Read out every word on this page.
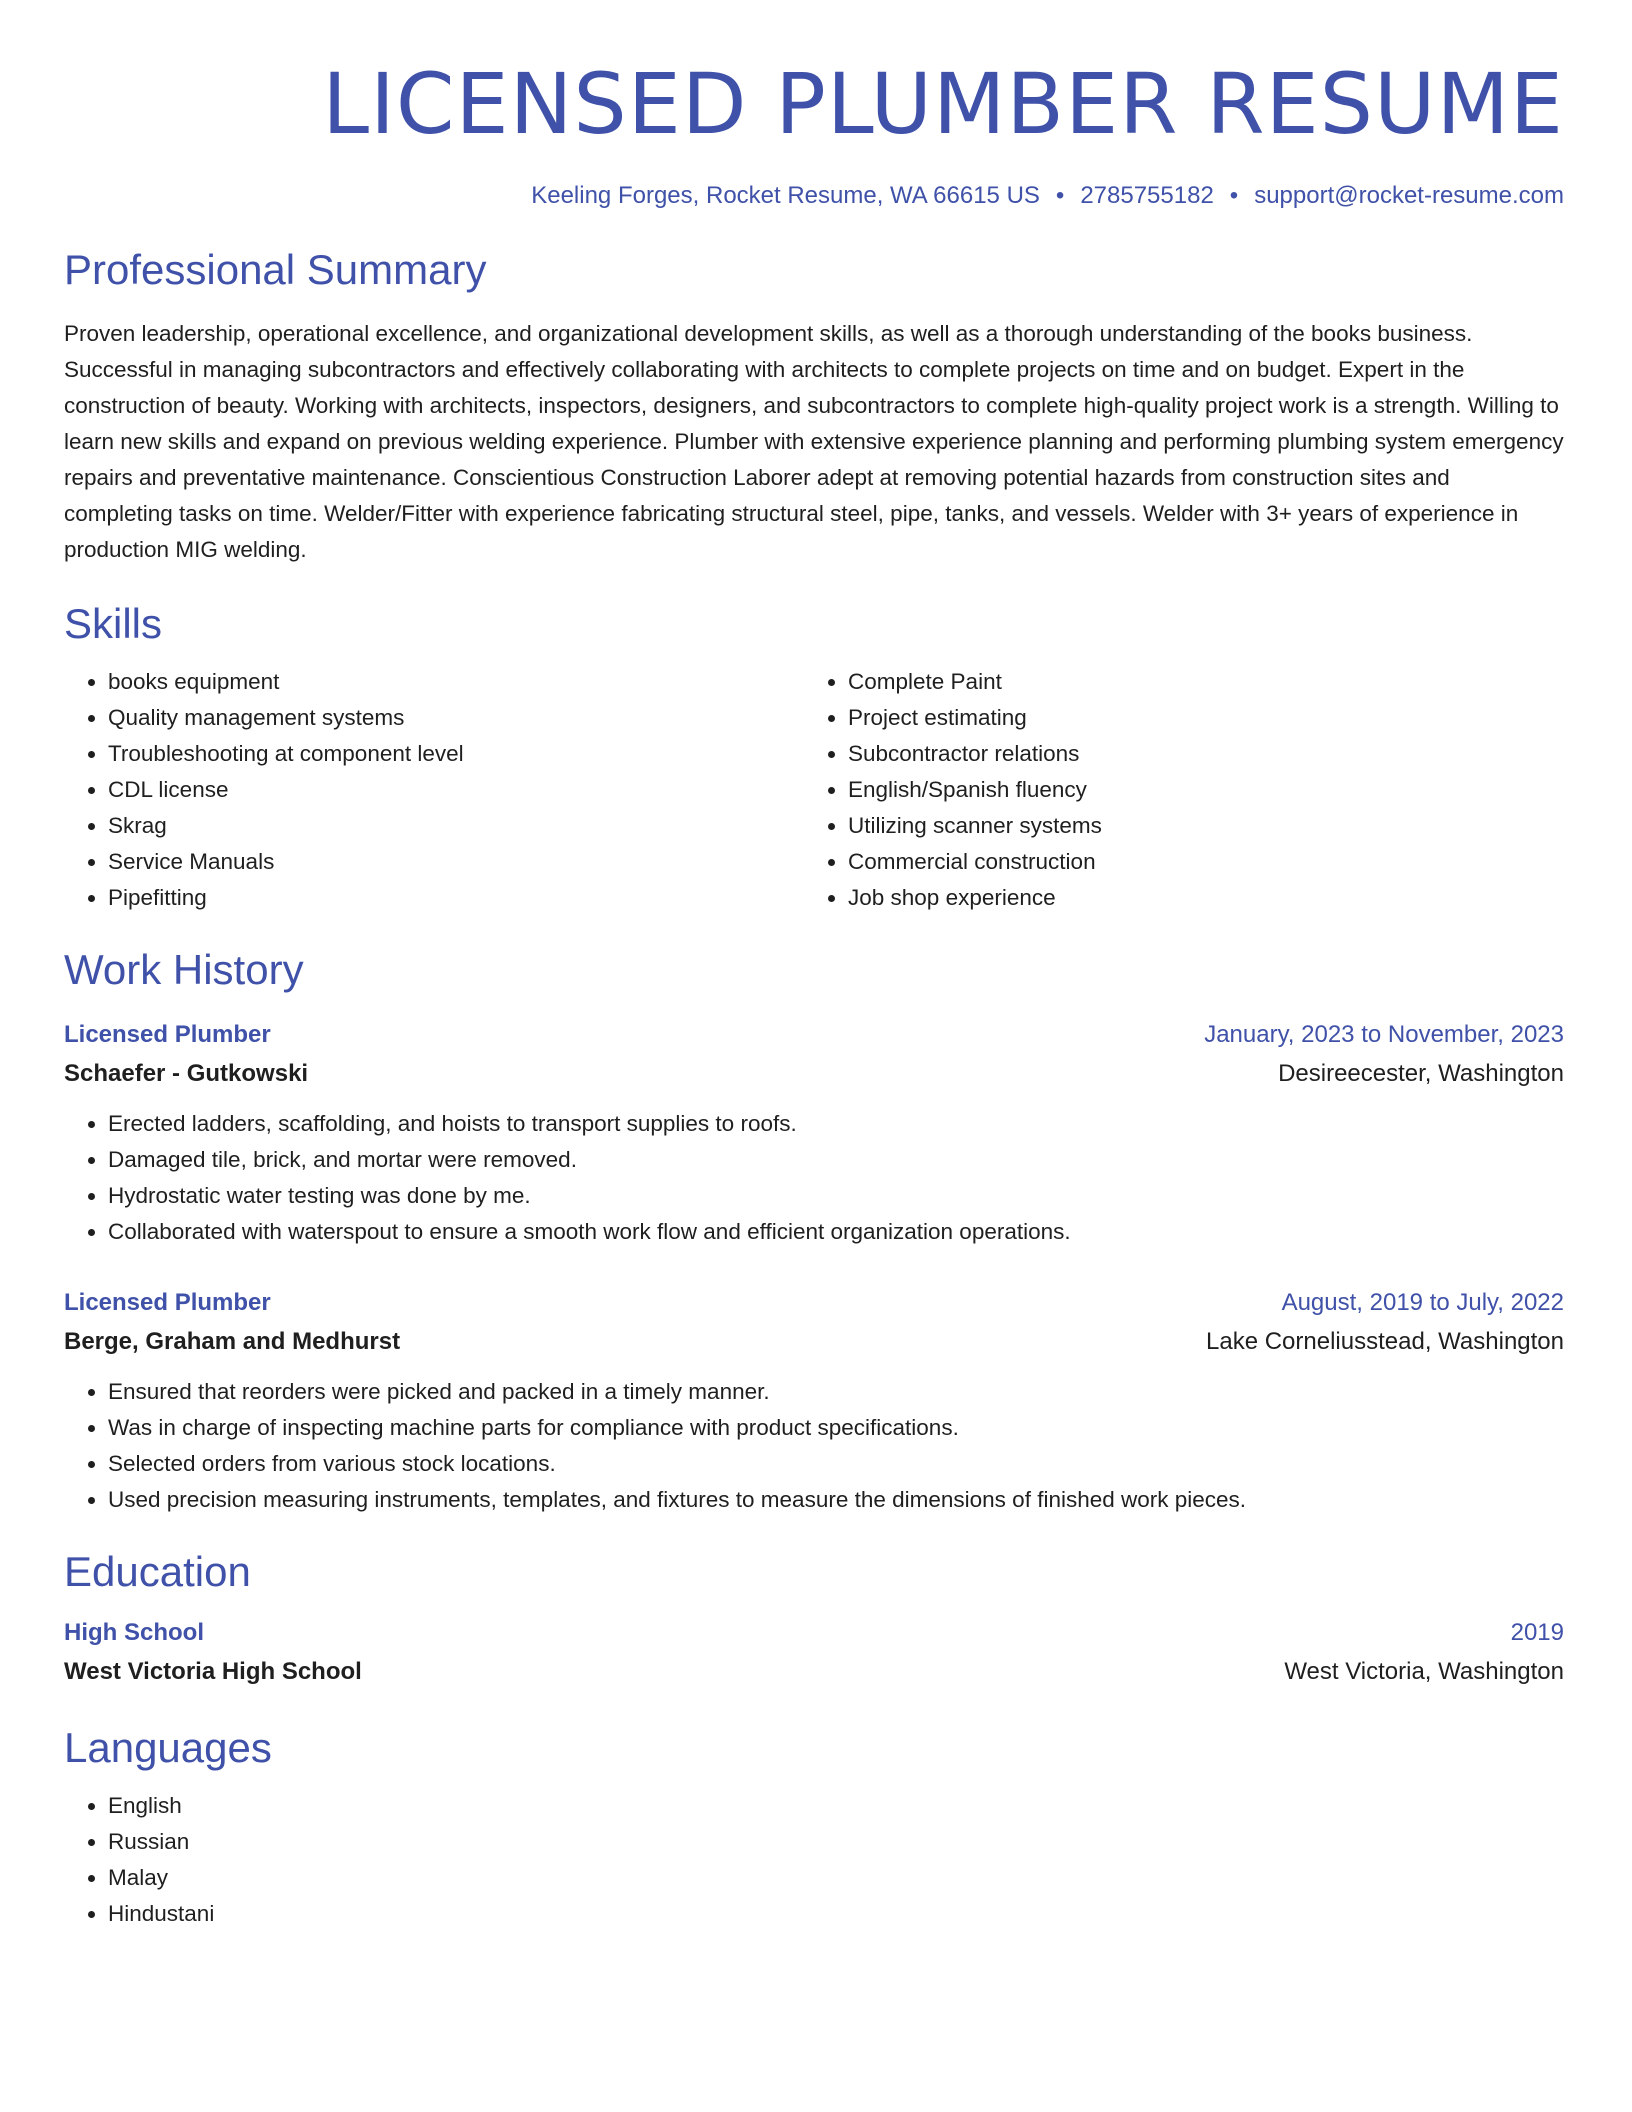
LICENSED PLUMBER RESUME
Keeling Forges, Rocket Resume, WA 66615 US • 2785755182 • support@rocket-resume.com
Professional Summary

Proven leadership, operational excellence, and organizational development skills, as well as a thorough understanding of the books business. Successful in managing subcontractors and effectively collaborating with architects to complete projects on time and on budget. Expert in the construction of beauty. Working with architects, inspectors, designers, and subcontractors to complete high-quality project work is a strength. Willing to learn new skills and expand on previous welding experience. Plumber with extensive experience planning and performing plumbing system emergency repairs and preventative maintenance. Conscientious Construction Laborer adept at removing potential hazards from construction sites and completing tasks on time. Welder/Fitter with experience fabricating structural steel, pipe, tanks, and vessels. Welder with 3+ years of experience in production MIG welding.

Skills
• books equipment
• Quality management systems
• Troubleshooting at component level
• CDL license
• Skrag
• Service Manuals
• Pipefitting
• Complete Paint
• Project estimating
• Subcontractor relations
• English/Spanish fluency
• Utilizing scanner systems
• Commercial construction
• Job shop experience
Work History
Licensed Plumber	January, 2023 to November, 2023
Schaefer - Gutkowski	Desireecester, Washington
• Erected ladders, scaffolding, and hoists to transport supplies to roofs.
• Damaged tile, brick, and mortar were removed.
• Hydrostatic water testing was done by me.
• Collaborated with waterspout to ensure a smooth work flow and efficient organization operations.
Licensed Plumber	August, 2019 to July, 2022
Berge, Graham and Medhurst	Lake Corneliusstead, Washington
• Ensured that reorders were picked and packed in a timely manner.
• Was in charge of inspecting machine parts for compliance with product specifications.
• Selected orders from various stock locations.
• Used precision measuring instruments, templates, and fixtures to measure the dimensions of finished work pieces.
Education
High School	2019
West Victoria High School	West Victoria, Washington
Languages
• English
• Russian
• Malay
• Hindustani
